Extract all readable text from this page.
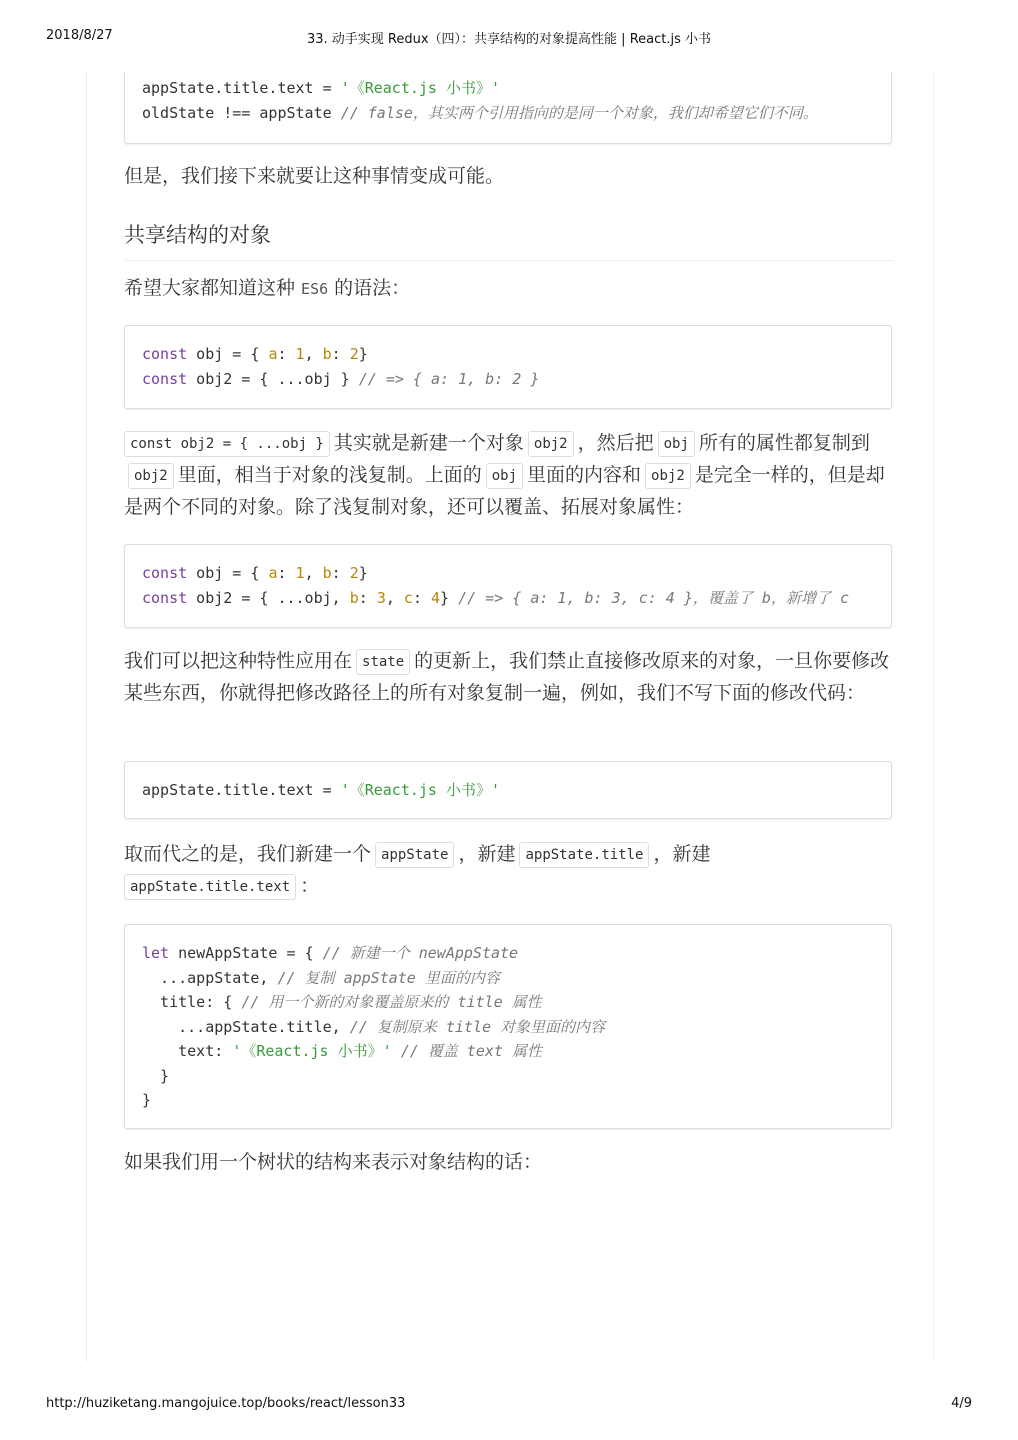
2018/8/27	33. 动手实现 Redux（四）：共享结构的对象提高性能 | React.js 小书
appState.title.text = '《React.js 小书》'
oldState !== appState // false，其实两个引用指向的是同一个对象，我们却希望它们不同。
但是，我们接下来就要让这种事情变成可能。
共享结构的对象
希望大家都知道这种 ES6 的语法：
const obj = { a: 1, b: 2}
const obj2 = { ...obj } // => { a: 1, b: 2 }
const obj2 = { ...obj } 其实就是新建一个对象 obj2 ，然后把 obj 所有的属性都复制到obj2 里面，相当于对象的浅复制。上面的 obj 里面的内容和 obj2 是完全一样的，但是却是两个不同的对象。除了浅复制对象，还可以覆盖、拓展对象属性：
const obj = { a: 1, b: 2}
const obj2 = { ...obj, b: 3, c: 4} // => { a: 1, b: 3, c: 4 }，覆盖了 b，新增了 c
我们可以把这种特性应用在 state 的更新上，我们禁止直接修改原来的对象，一旦你要修改某些东西，你就得把修改路径上的所有对象复制一遍，例如，我们不写下面的修改代码：
appState.title.text = '《React.js 小书》'
取而代之的是，我们新建一个 appState ，新建 appState.title ，新建
appState.title.text ：
let newAppState = { // 新建一个 newAppState
...appState, // 复制 appState 里面的内容
title: { // 用一个新的对象覆盖原来的 title 属性
...appState.title, // 复制原来 title 对象里面的内容
text: '《React.js 小书》' // 覆盖 text 属性
}
}
如果我们用一个树状的结构来表示对象结构的话：
http://huziketang.mangojuice.top/books/react/lesson33	4/9
